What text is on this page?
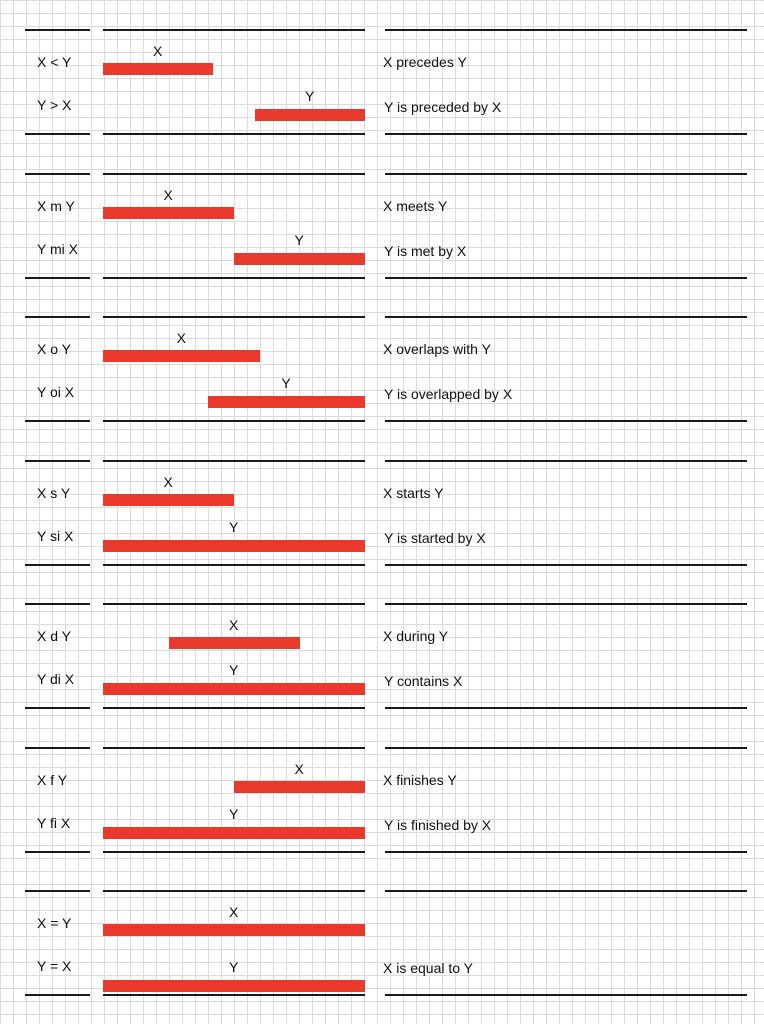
X < Y
Y > X
X
Y
X precedes Y
Y is preceded by X
X m Y
Y mi X
X
Y
X meets Y
Y is met by X
X o Y
Y oi X
X
Y
X overlaps with Y
Y is overlapped by X
X s Y
Y si X
X
Y
X starts Y
Y is started by X
X d Y
Y di X
X
Y
X during Y
Y contains X
X f Y
Y fi X
X
Y
X finishes Y
Y is finished by X
X = Y
Y = X
X
Y	X is equal to Y
